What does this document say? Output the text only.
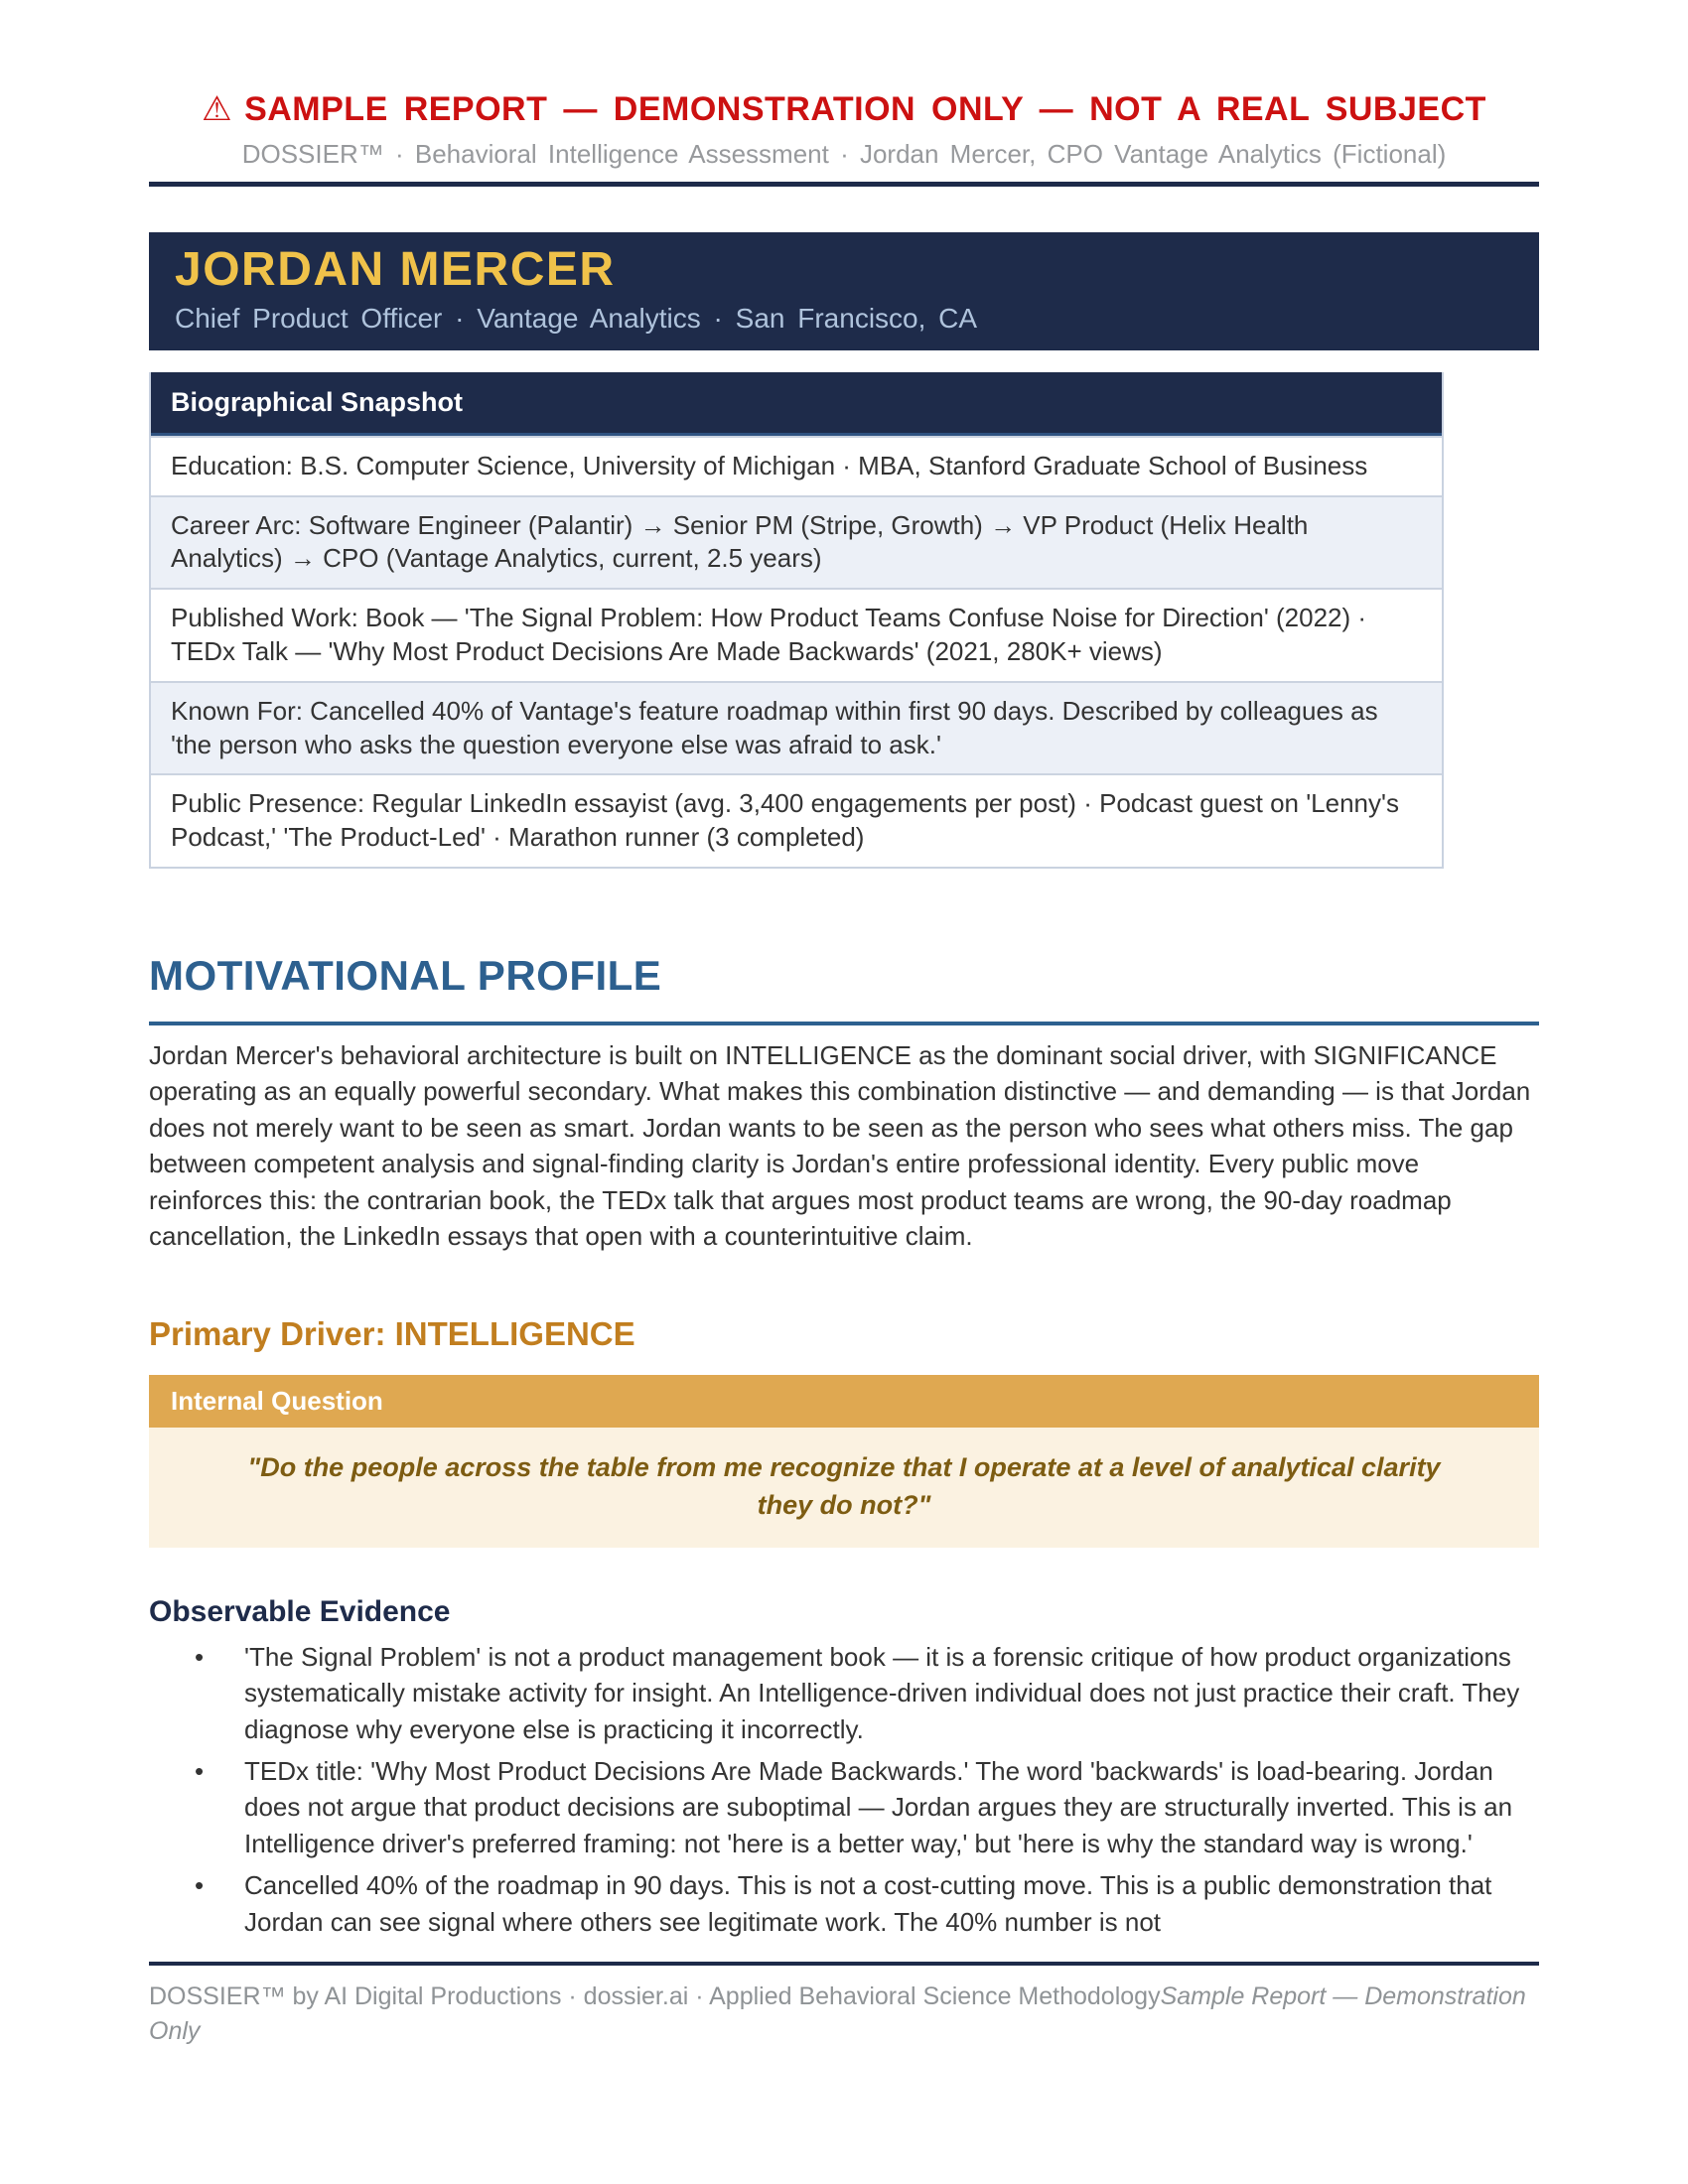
⚠ SAMPLE REPORT — DEMONSTRATION ONLY — NOT A REAL SUBJECT
DOSSIER™ · Behavioral Intelligence Assessment · Jordan Mercer, CPO Vantage Analytics (Fictional)
JORDAN MERCER
Chief Product Officer · Vantage Analytics · San Francisco, CA
Biographical Snapshot
Education: B.S. Computer Science, University of Michigan · MBA, Stanford Graduate School of Business
Career Arc: Software Engineer (Palantir) → Senior PM (Stripe, Growth) → VP Product (Helix Health Analytics) → CPO (Vantage Analytics, current, 2.5 years)
Published Work: Book — 'The Signal Problem: How Product Teams Confuse Noise for Direction' (2022) · TEDx Talk — 'Why Most Product Decisions Are Made Backwards' (2021, 280K+ views)
Known For: Cancelled 40% of Vantage's feature roadmap within first 90 days. Described by colleagues as 'the person who asks the question everyone else was afraid to ask.'
Public Presence: Regular LinkedIn essayist (avg. 3,400 engagements per post) · Podcast guest on 'Lenny's Podcast,' 'The Product-Led' · Marathon runner (3 completed)
MOTIVATIONAL PROFILE

Jordan Mercer's behavioral architecture is built on INTELLIGENCE as the dominant social driver, with SIGNIFICANCE operating as an equally powerful secondary. What makes this combination distinctive — and demanding — is that Jordan does not merely want to be seen as smart. Jordan wants to be seen as the person who sees what others miss. The gap between competent analysis and signal-finding clarity is Jordan's entire professional identity. Every public move reinforces this: the contrarian book, the TEDx talk that argues most product teams are wrong, the 90-day roadmap cancellation, the LinkedIn essays that open with a counterintuitive claim.

Primary Driver: INTELLIGENCE
Internal Question
"Do the people across the table from me recognize that I operate at a level of analytical clarity they do not?"
Observable Evidence
• 'The Signal Problem' is not a product management book — it is a forensic critique of how product organizations systematically mistake activity for insight. An Intelligence-driven individual does not just practice their craft. They diagnose why everyone else is practicing it incorrectly.
• TEDx title: 'Why Most Product Decisions Are Made Backwards.' The word 'backwards' is load-bearing. Jordan does not argue that product decisions are suboptimal — Jordan argues they are structurally inverted. This is an Intelligence driver's preferred framing: not 'here is a better way,' but 'here is why the standard way is wrong.'
• Cancelled 40% of the roadmap in 90 days. This is not a cost-cutting move. This is a public demonstration that Jordan can see signal where others see legitimate work. The 40% number is not
DOSSIER™ by AI Digital Productions · dossier.ai · Applied Behavioral Science MethodologySample Report — Demonstration Only
